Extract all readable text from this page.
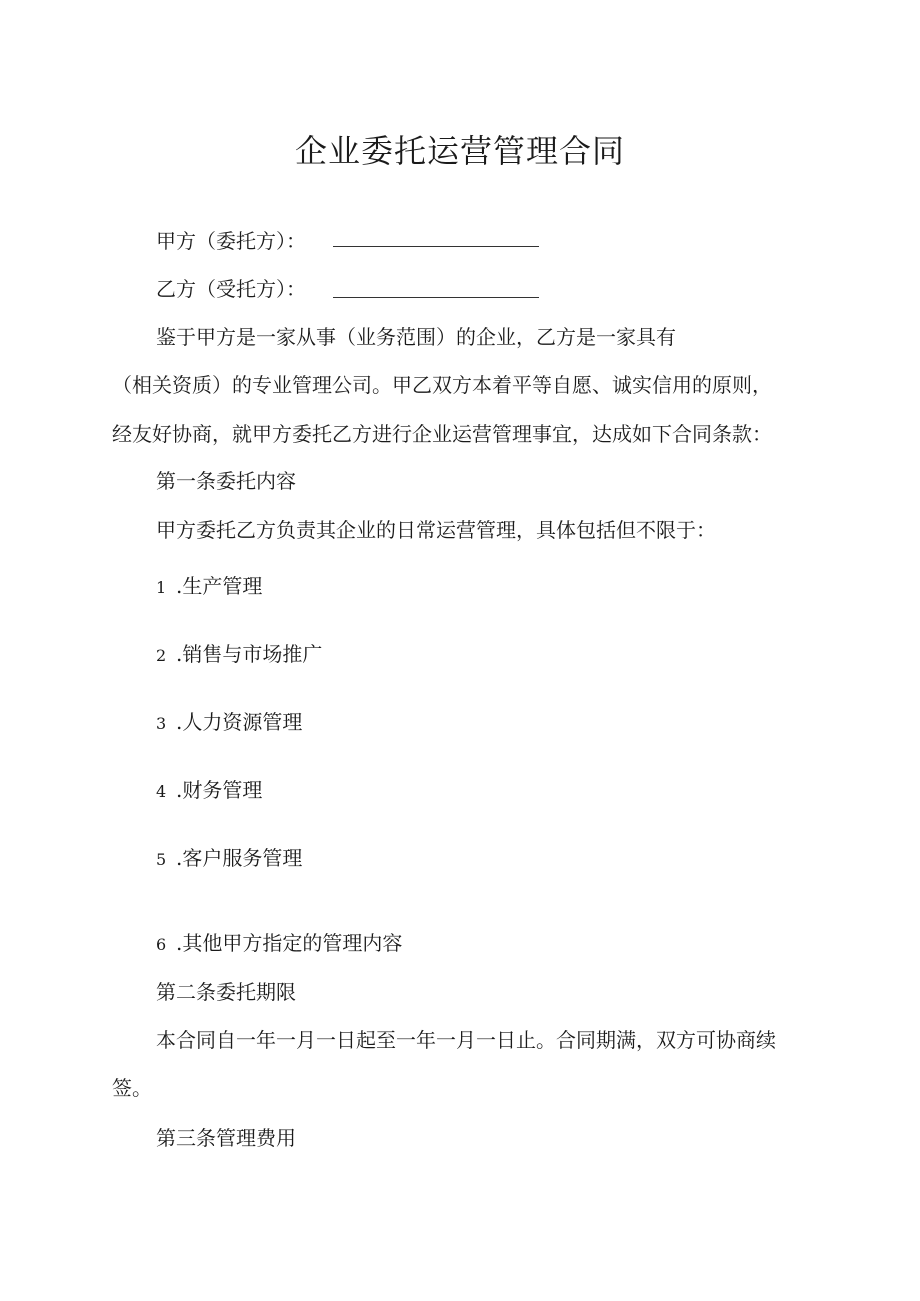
企业委托运营管理合同
甲方（委托方）：
乙方（受托方）：
鉴于甲方是一家从事（业务范围）的企业，乙方是一家具有
（相关资质）的专业管理公司。甲乙双方本着平等自愿、诚实信用的原则，
经友好协商，就甲方委托乙方进行企业运营管理事宜，达成如下合同条款：
第一条委托内容
甲方委托乙方负责其企业的日常运营管理，具体包括但不限于：
1 .生产管理
2 .销售与市场推广
3 .人力资源管理
4 .财务管理
5 .客户服务管理
6 .其他甲方指定的管理内容
第二条委托期限
本合同自一年一月一日起至一年一月一日止。合同期满，双方可协商续
签。
第三条管理费用
